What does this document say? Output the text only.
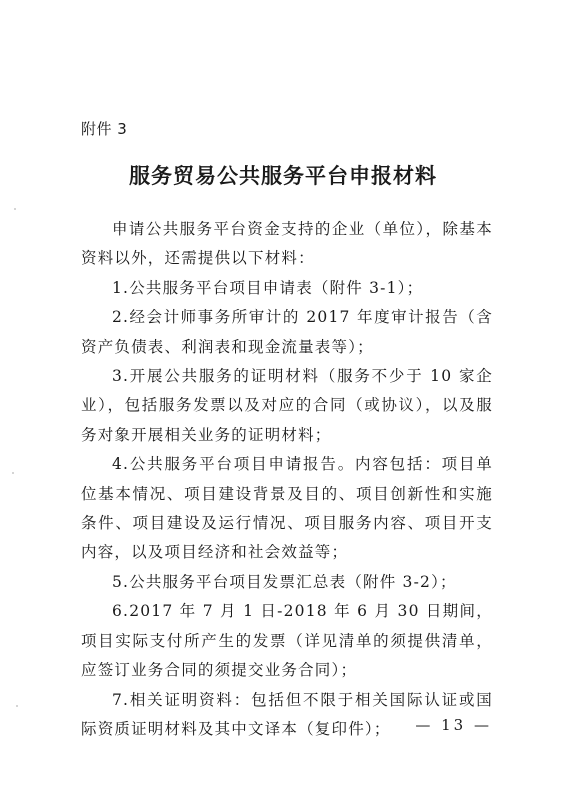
附件 3
服务贸易公共服务平台申报材料

申请公共服务平台资金支持的企业（单位），除基本资料以外，还需提供以下材料：

1.公共服务平台项目申请表（附件 3-1）；

2.经会计师事务所审计的 2017 年度审计报告（含资产负债表、利润表和现金流量表等）；

3.开展公共服务的证明材料（服务不少于 10 家企业），包括服务发票以及对应的合同（或协议），以及服务对象开展相关业务的证明材料；

4.公共服务平台项目申请报告。内容包括：项目单位基本情况、项目建设背景及目的、项目创新性和实施条件、项目建设及运行情况、项目服务内容、项目开支内容，以及项目经济和社会效益等；

5.公共服务平台项目发票汇总表（附件 3-2）；

6.2017 年 7 月 1 日-2018 年 6 月 30 日期间，项目实际支付所产生的发票（详见清单的须提供清单，应签订业务合同的须提交业务合同）；

7.相关证明资料：包括但不限于相关国际认证或国际资质证明材料及其中文译本（复印件）；	— 13 —
